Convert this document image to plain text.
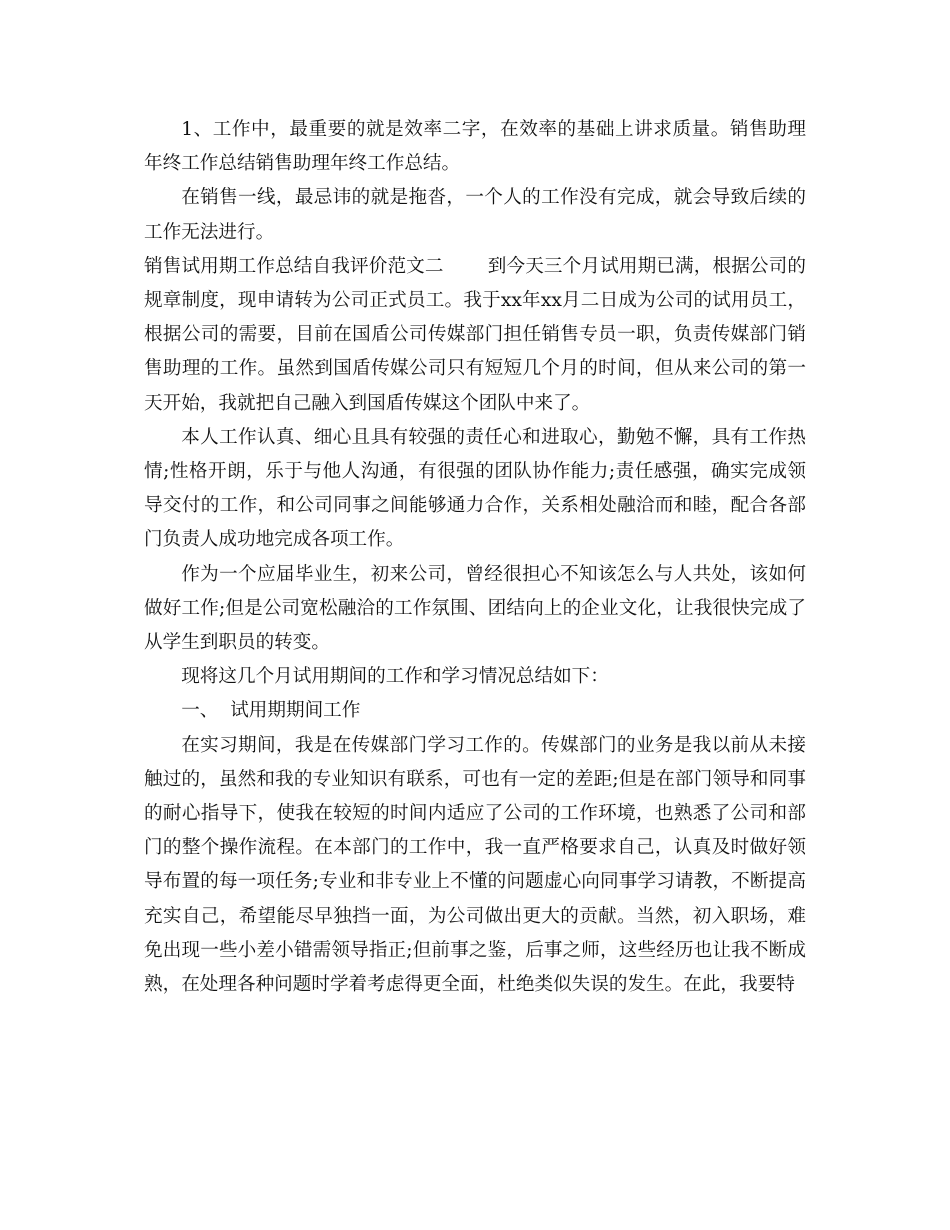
1、工作中，最重要的就是效率二字，在效率的基础上讲求质量。销售助理年终工作总结销售助理年终工作总结。

在销售一线，最忌讳的就是拖沓，一个人的工作没有完成，就会导致后续的工作无法进行。

销售试用期工作总结自我评价范文二 到今天三个月试用期已满，根据公司的规章制度，现申请转为公司正式员工。我于xx年xx月二日成为公司的试用员工，根据公司的需要，目前在国盾公司传媒部门担任销售专员一职，负责传媒部门销售助理的工作。虽然到国盾传媒公司只有短短几个月的时间，但从来公司的第一天开始，我就把自己融入到国盾传媒这个团队中来了。

本人工作认真、细心且具有较强的责任心和进取心，勤勉不懈，具有工作热情;性格开朗，乐于与他人沟通，有很强的团队协作能力;责任感强，确实完成领导交付的工作，和公司同事之间能够通力合作，关系相处融洽而和睦，配合各部门负责人成功地完成各项工作。

作为一个应届毕业生，初来公司，曾经很担心不知该怎么与人共处，该如何做好工作;但是公司宽松融洽的工作氛围、团结向上的企业文化，让我很快完成了从学生到职员的转变。

现将这几个月试用期间的工作和学习情况总结如下：

一、  试用期期间工作

在实习期间，我是在传媒部门学习工作的。传媒部门的业务是我以前从未接触过的，虽然和我的专业知识有联系，可也有一定的差距;但是在部门领导和同事的耐心指导下，使我在较短的时间内适应了公司的工作环境，也熟悉了公司和部门的整个操作流程。在本部门的工作中，我一直严格要求自己，认真及时做好领导布置的每一项任务;专业和非专业上不懂的问题虚心向同事学习请教，不断提高充实自己，希望能尽早独挡一面，为公司做出更大的贡献。当然，初入职场，难免出现一些小差小错需领导指正;但前事之鉴，后事之师，这些经历也让我不断成熟，在处理各种问题时学着考虑得更全面，杜绝类似失误的发生。在此，我要特
